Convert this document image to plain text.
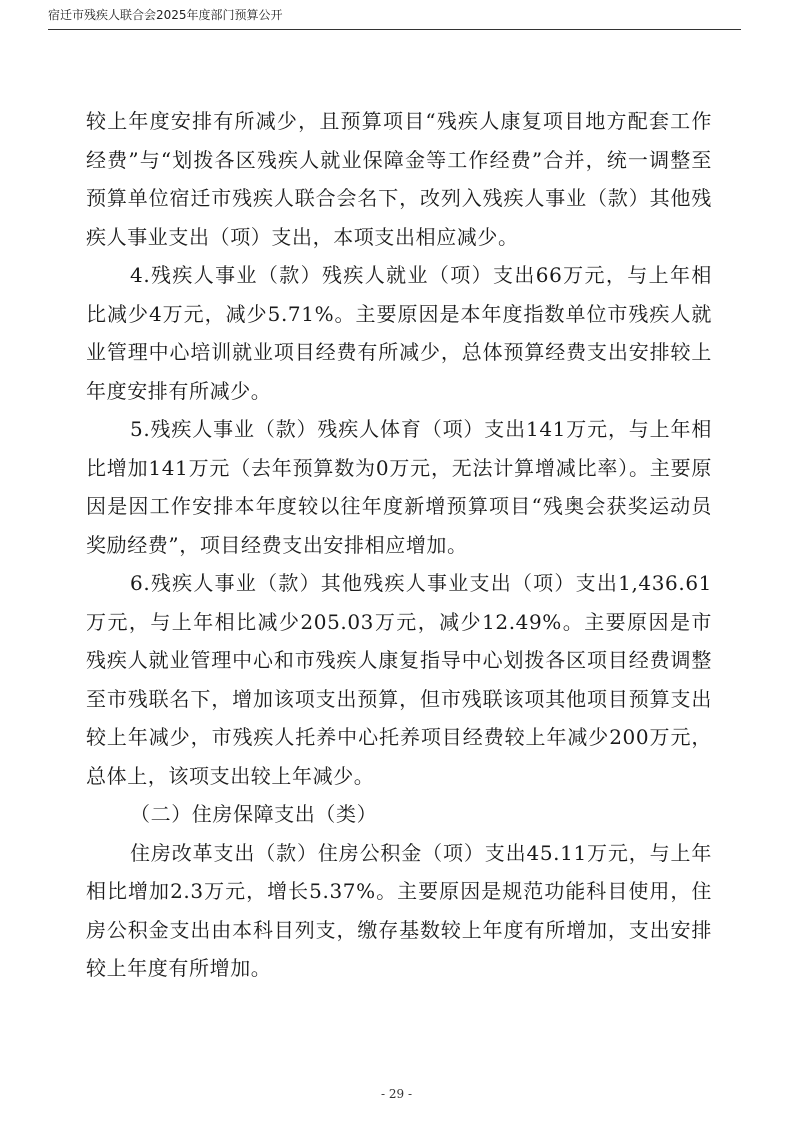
宿迁市残疾人联合会2025年度部门预算公开

较上年度安排有所减少，且预算项目“残疾人康复项目地方配套工作经费”与“划拨各区残疾人就业保障金等工作经费”合并，统一调整至预算单位宿迁市残疾人联合会名下，改列入残疾人事业（款）其他残疾人事业支出（项）支出，本项支出相应减少。

4.残疾人事业（款）残疾人就业（项）支出66万元，与上年相比减少4万元，减少5.71%。主要原因是本年度指数单位市残疾人就业管理中心培训就业项目经费有所减少，总体预算经费支出安排较上年度安排有所减少。

5.残疾人事业（款）残疾人体育（项）支出141万元，与上年相比增加141万元（去年预算数为0万元，无法计算增减比率）。主要原因是因工作安排本年度较以往年度新增预算项目“残奥会获奖运动员奖励经费”，项目经费支出安排相应增加。

6.残疾人事业（款）其他残疾人事业支出（项）支出1,436.61万元，与上年相比减少205.03万元，减少12.49%。主要原因是市残疾人就业管理中心和市残疾人康复指导中心划拨各区项目经费调整至市残联名下，增加该项支出预算，但市残联该项其他项目预算支出较上年减少，市残疾人托养中心托养项目经费较上年减少200万元，总体上，该项支出较上年减少。

（二）住房保障支出（类）

住房改革支出（款）住房公积金（项）支出45.11万元，与上年相比增加2.3万元，增长5.37%。主要原因是规范功能科目使用，住房公积金支出由本科目列支，缴存基数较上年度有所增加，支出安排较上年度有所增加。

- 29 -
